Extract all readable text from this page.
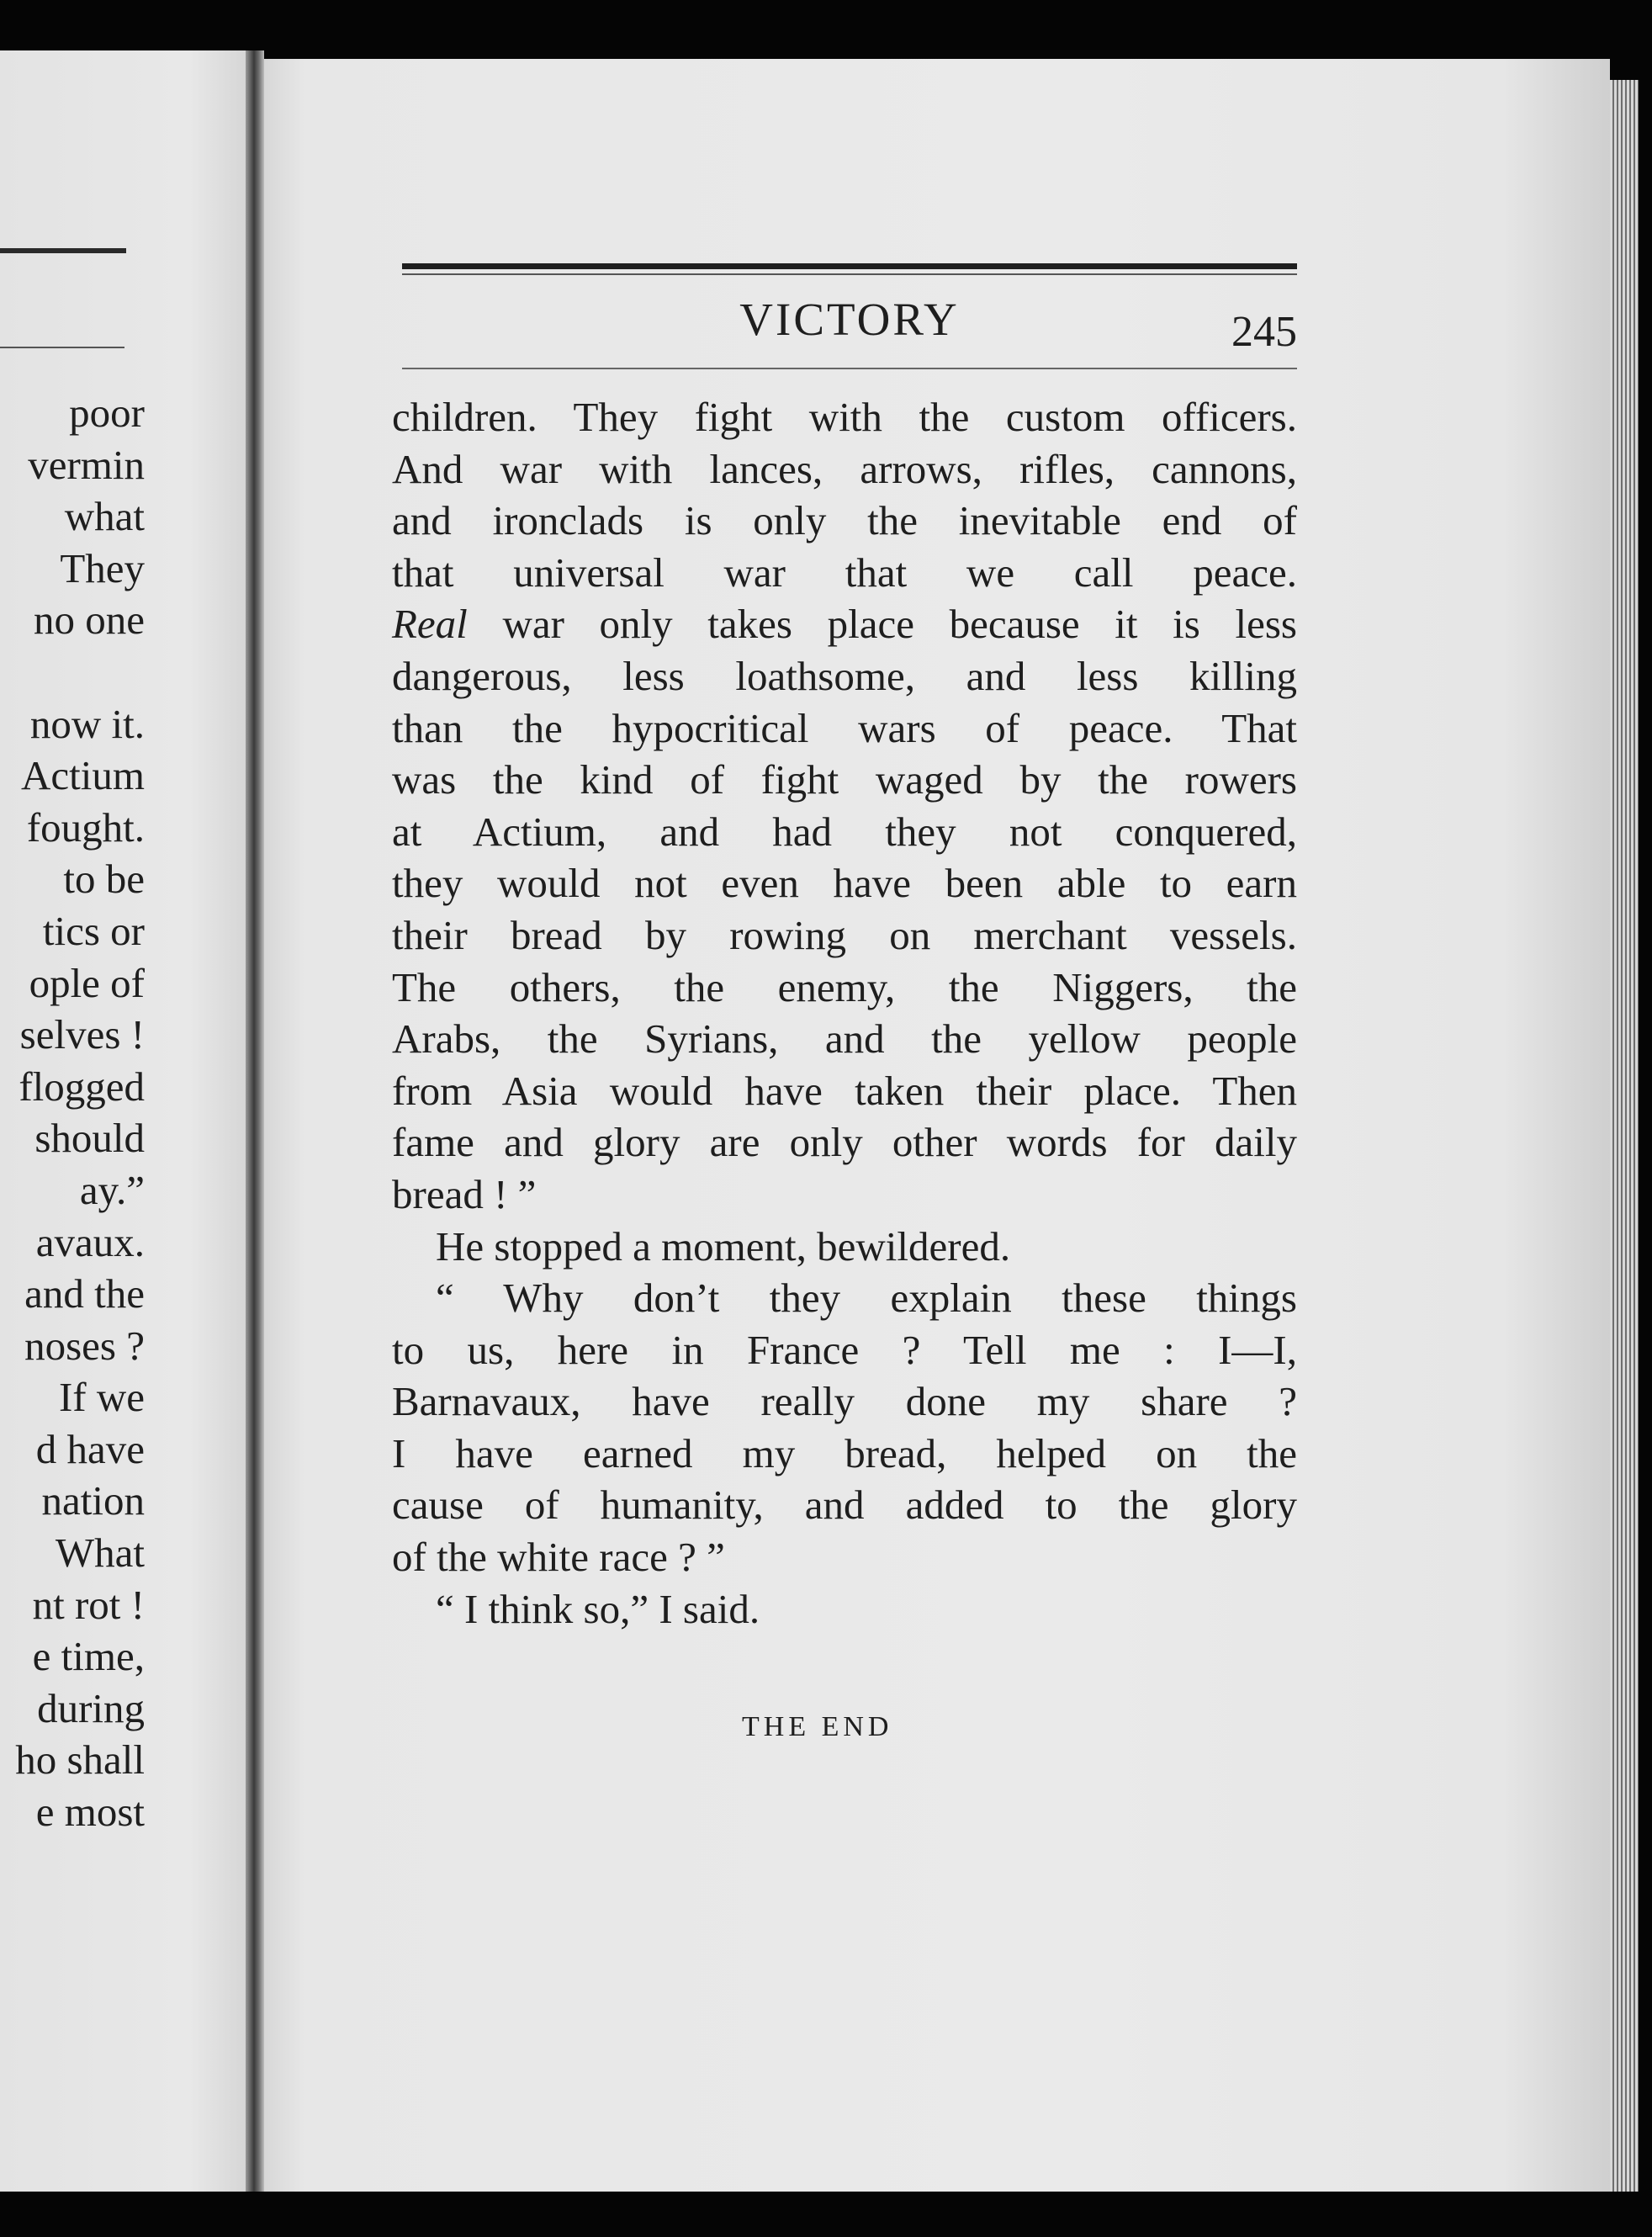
poor
vermin
what
They
no one

now it.
Actium
fought.
to be
tics or
ople of
selves !
flogged
should
ay.”
avaux.
and the
noses ?
If we
d have
nation
What
nt rot !
e time,
during
ho shall
e most
VICTORY	245
children. They fight with the custom officers.
And war with lances, arrows, rifles, cannons,
and ironclads is only the inevitable end of
that universal war that we call peace.
Real war only takes place because it is less
dangerous, less loathsome, and less killing
than the hypocritical wars of peace. That
was the kind of fight waged by the rowers
at Actium, and had they not conquered,
they would not even have been able to earn
their bread by rowing on merchant vessels.
The others, the enemy, the Niggers, the
Arabs, the Syrians, and the yellow people
from Asia would have taken their place. Then
fame and glory are only other words for daily
bread ! ”
He stopped a moment, bewildered.
“ Why don’t they explain these things
to us, here in France ? Tell me : I—I,
Barnavaux, have really done my share ?
I have earned my bread, helped on the
cause of humanity, and added to the glory
of the white race ? ”
“ I think so,” I said.
THE END
